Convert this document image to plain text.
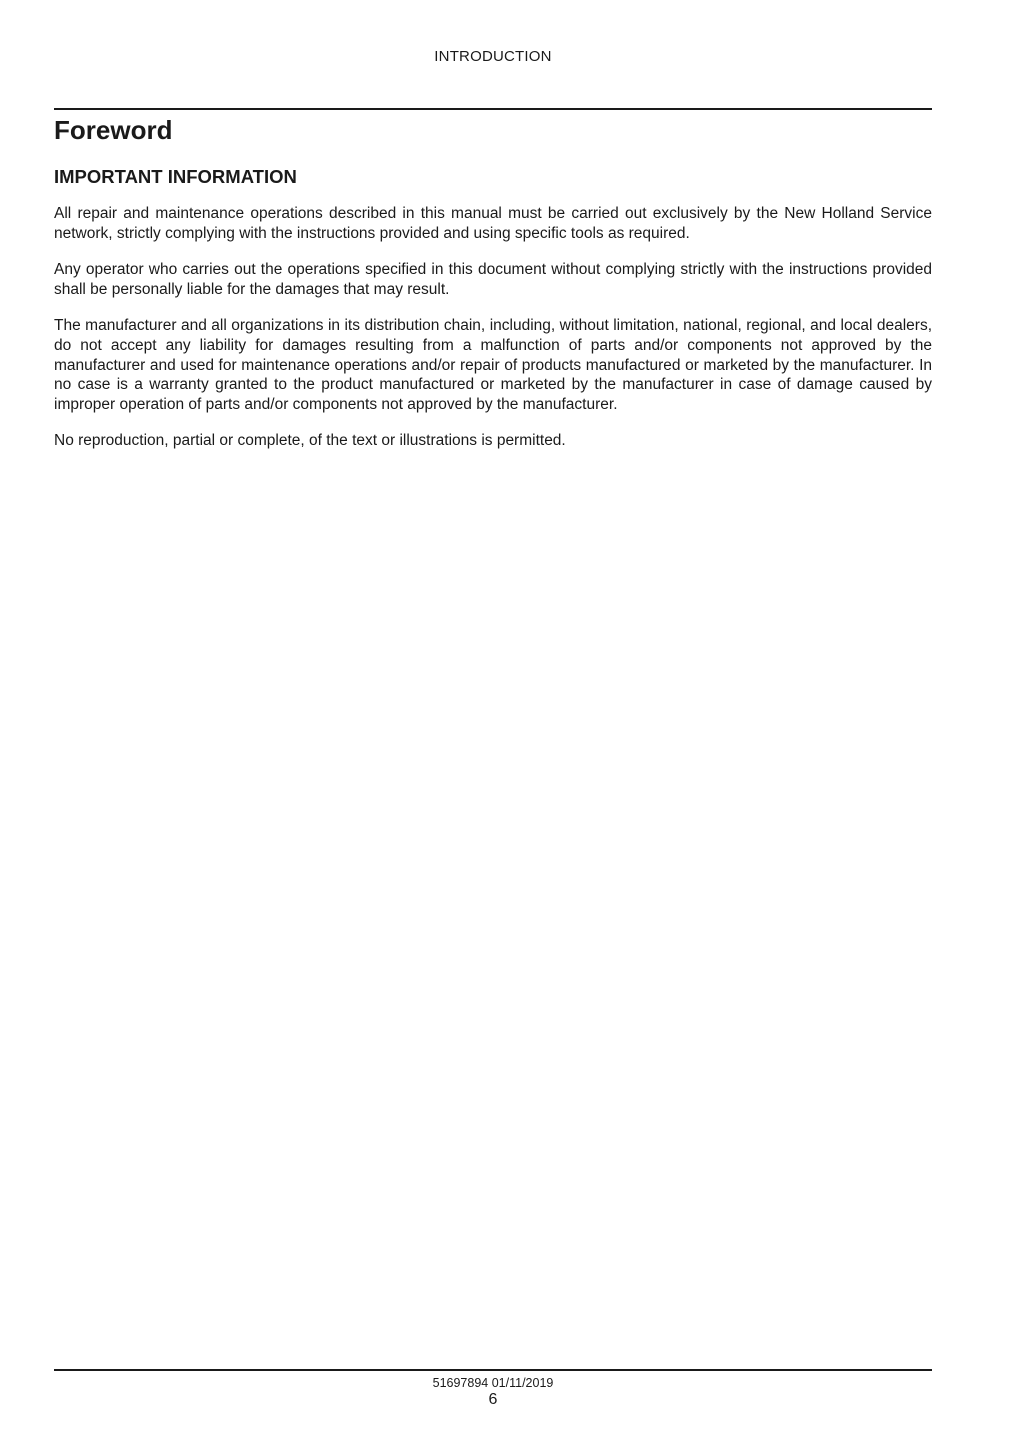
INTRODUCTION
Foreword
IMPORTANT INFORMATION

All repair and maintenance operations described in this manual must be carried out exclusively by the New Holland Service network, strictly complying with the instructions provided and using specific tools as required.

Any operator who carries out the operations specified in this document without complying strictly with the instructions provided shall be personally liable for the damages that may result.

The manufacturer and all organizations in its distribution chain, including, without limitation, national, regional, and local dealers, do not accept any liability for damages resulting from a malfunction of parts and/or components not approved by the manufacturer and used for maintenance operations and/or repair of products manufactured or marketed by the manufacturer. In no case is a warranty granted to the product manufactured or marketed by the manufacturer in case of damage caused by improper operation of parts and/or components not approved by the manufacturer.

No reproduction, partial or complete, of the text or illustrations is permitted.

51697894 01/11/2019
6
